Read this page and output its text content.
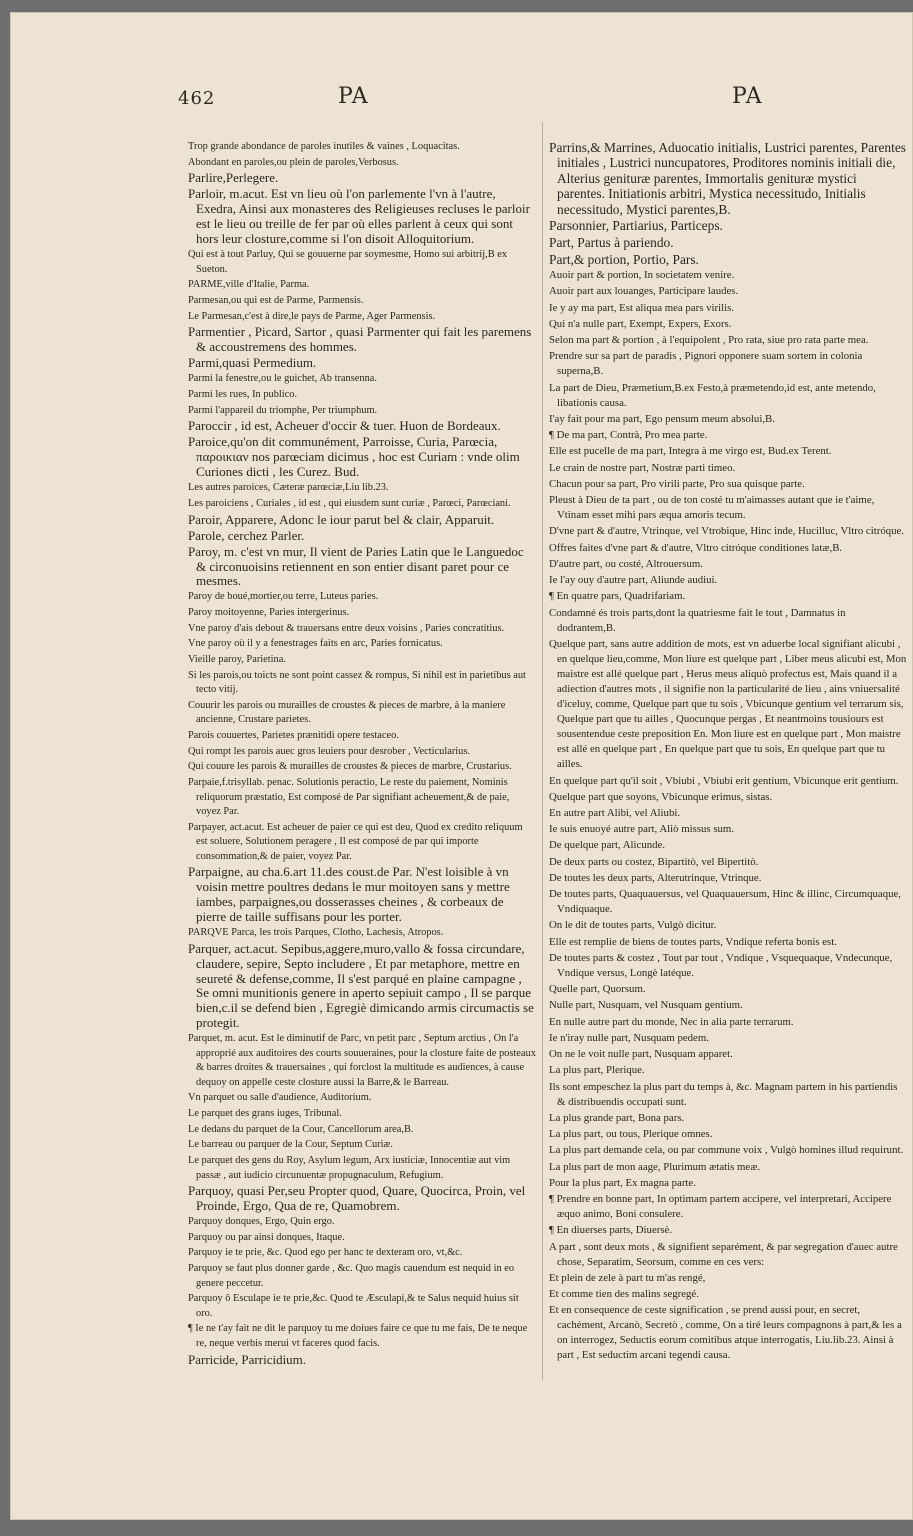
462	PA	PA

Trop grande abondance de paroles inutiles & vaines , Loquacitas.

Abondant en paroles,ou plein de paroles,Verbosus.

Parlire,Perlegere.

Parloir, m.acut. Est vn lieu où l'on parlemente l'vn à l'autre, Exedra, Ainsi aux monasteres des Religieuses recluses le parloir est le lieu ou treille de fer par où elles parlent à ceux qui sont hors leur closture,comme si l'on disoit Alloquitorium.

Qui est à tout Parluy, Qui se gouuerne par soymesme, Homo sui arbitrij,B ex Sueton.

PARME,ville d'Italie, Parma.

Parmesan,ou qui est de Parme, Parmensis.

Le Parmesan,c'est à dire,le pays de Parme, Ager Parmensis.

Parmentier , Picard, Sartor , quasi Parmenter qui fait les paremens & accoustremens des hommes.

Parmi,quasi Permedium.

Parmi la fenestre,ou le guichet, Ab transenna.

Parmi les rues, In publico.

Parmi l'appareil du triomphe, Per triumphum.

Paroccir , id est, Acheuer d'occir & tuer. Huon de Bordeaux.

Paroice,qu'on dit communément, Parroisse, Curia, Parœcia, παροικιαν nos parœciam dicimus , hoc est Curiam : vnde olim Curiones dicti , les Curez. Bud.

Les autres paroices, Cæteræ parœciæ,Liu lib.23.

Les paroiciens , Curiales , id est , qui eiusdem sunt curiæ , Parœci, Parœciani.

Paroir, Apparere, Adonc le iour parut bel & clair, Apparuit.

Parole, cerchez Parler.

Paroy, m. c'est vn mur, Il vient de Paries Latin que le Languedoc & circonuoisins retiennent en son entier disant paret pour ce mesmes.

Paroy de boué,mortier,ou terre, Luteus paries.

Paroy moitoyenne, Paries intergerinus.

Vne paroy d'ais debout & trauersans entre deux voisins , Paries concratitius.

Vne paroy où il y a fenestrages faits en arc, Paries fornicatus.

Vieille paroy, Parietina.

Si les parois,ou toicts ne sont point cassez & rompus, Si nihil est in parietibus aut tecto vitij.

Couurir les parois ou murailles de croustes & pieces de marbre, à la maniere ancienne, Crustare parietes.

Parois couuertes, Parietes prænitidi opere testaceo.

Qui rompt les parois auec gros leuiers pour desrober , Vecticularius.

Qui couure les parois & murailles de croustes & pieces de marbre, Crustarius.

Parpaie,f.trisyllab. penac. Solutionis peractio, Le reste du paiement, Nominis reliquorum præstatio, Est composé de Par signifiant acheuement,& de paie, voyez Par.

Parpayer, act.acut. Est acheuer de paier ce qui est deu, Quod ex credito reliquum est soluere, Solutionem peragere , Il est composé de par qui importe consommation,& de paier, voyez Par.

Parpaigne, au cha.6.art 11.des coust.de Par. N'est loisible à vn voisin mettre poultres dedans le mur moitoyen sans y mettre iambes, parpaignes,ou dosserasses cheines , & corbeaux de pierre de taille suffisans pour les porter.

PARQVE Parca, les trois Parques, Clotho, Lachesis, Atropos.

Parquer, act.acut. Sepibus,aggere,muro,vallo & fossa circundare, claudere, sepire, Septo includere , Et par metaphore, mettre en seureté & defense,comme, Il s'est parqué en plaine campagne , Se omni munitionis genere in aperto sepiuit campo , Il se parque bien,c.il se defend bien , Egregiè dimicando armis circumactis se protegit.

Parquet, m. acut. Est le diminutif de Parc, vn petit parc , Septum arctius , On l'a approprié aux auditoires des courts souueraines, pour la closture faite de posteaux & barres droites & trauersaines , qui forclost la multitude es audiences, à cause dequoy on appelle ceste closture aussi la Barre,& le Barreau.

Vn parquet ou salle d'audience, Auditorium.

Le parquet des grans iuges, Tribunal.

Le dedans du parquet de la Cour, Cancellorum area,B.

Le barreau ou parquer de la Cour, Septum Curiæ.

Le parquet des gens du Roy, Asylum legum, Arx iusticiæ, Innocentiæ aut vim passæ , aut iudicio circunuentæ propugnaculum, Refugium.

Parquoy, quasi Per,seu Propter quod, Quare, Quocirca, Proin, vel Proinde, Ergo, Qua de re, Quamobrem.

Parquoy donques, Ergo, Quin ergo.

Parquoy ou par ainsi donques, Itaque.

Parquoy ie te prie, &c. Quod ego per hanc te dexteram oro, vt,&c.

Parquoy se faut plus donner garde , &c. Quo magis cauendum est nequid in eo genere peccetur.

Parquoy ô Esculape ie te prie,&c. Quod te Æsculapi,& te Salus nequid huius sit oro.

¶ Ie ne t'ay fait ne dit le parquoy tu me doiues faire ce que tu me fais, De te neque re, neque verbis merui vt faceres quod facis.

Parricide, Parricidium.

Parrins,& Marrines, Aduocatio initialis, Lustrici parentes, Parentes initiales , Lustrici nuncupatores, Proditores nominis initiali die, Alterius genituræ parentes, Immortalis genituræ mystici parentes. Initiationis arbitri, Mystica necessitudo, Initialis necessitudo, Mystici parentes,B.

Parsonnier, Partiarius, Particeps.

Part, Partus à pariendo.

Part,& portion, Portio, Pars.

Auoir part & portion, In societatem venire.

Auoir part aux louanges, Participare laudes.

Ie y ay ma part, Est aliqua mea pars virilis.

Qui n'a nulle part, Exempt, Expers, Exors.

Selon ma part & portion , à l'equipolent , Pro rata, siue pro rata parte mea.

Prendre sur sa part de paradis , Pignori opponere suam sortem in colonia superna,B.

La part de Dieu, Præmetium,B.ex Festo,à præmetendo,id est, ante metendo, libationis causa.

I'ay fait pour ma part, Ego pensum meum absolui,B.

¶ De ma part, Contrà, Pro mea parte.

Elle est pucelle de ma part, Integra à me virgo est, Bud.ex Terent.

Le crain de nostre part, Nostræ parti timeo.

Chacun pour sa part, Pro virili parte, Pro sua quisque parte.

Pleust à Dieu de ta part , ou de ton costé tu m'aimasses autant que ie t'aime, Vtinam esset mihi pars æqua amoris tecum.

D'vne part & d'autre, Vtrinque, vel Vtrobique, Hinc inde, Hucilluc, Vltro citróque.

Offres faites d'vne part & d'autre, Vltro citróque conditiones latæ,B.

D'autre part, ou costé, Altrouersum.

Ie l'ay ouy d'autre part, Aliunde audiui.

¶ En quatre pars, Quadrifariam.

Condamné és trois parts,dont la quatriesme fait le tout , Damnatus in dodrantem,B.

Quelque part, sans autre addition de mots, est vn aduerbe local signifiant alicubi , en quelque lieu,comme, Mon liure est quelque part , Liber meus alicubi est, Mon maistre est allé quelque part , Herus meus aliquò profectus est, Mais quand il a adiection d'autres mots , il signifie non la particularité de lieu , ains vniuersalité d'iceluy, comme, Quelque part que tu sois , Vbicunque gentium vel terrarum sis, Quelque part que tu ailles , Quocunque pergas , Et neantmoins tousiours est sousentendue ceste preposition En. Mon liure est en quelque part , Mon maistre est allé en quelque part , En quelque part que tu sois, En quelque part que tu ailles.

En quelque part qu'il soit , Vbiubi , Vbiubi erit gentium, Vbicunque erit gentium.

Quelque part que soyons, Vbicunque erimus, sistas.

En autre part Alibi, vel Aliubi.

Ie suis enuoyé autre part, Aliò missus sum.

De quelque part, Alicunde.

De deux parts ou costez, Bipartitò, vel Bipertitò.

De toutes les deux parts, Alterutrinque, Vtrinque.

De toutes parts, Quaquauersus, vel Quaquauersum, Hinc & illinc, Circumquaque, Vndiquaque.

On le dit de toutes parts, Vulgò dicitur.

Elle est remplie de biens de toutes parts, Vndique referta bonis est.

De toutes parts & costez , Tout par tout , Vndique , Vsquequaque, Vndecunque, Vndique versus, Longè latéque.

Quelle part, Quorsum.

Nulle part, Nusquam, vel Nusquam gentium.

En nulle autre part du monde, Nec in alia parte terrarum.

Ie n'iray nulle part, Nusquam pedem.

On ne le voit nulle part, Nusquam apparet.

La plus part, Plerique.

Ils sont empeschez la plus part du temps à, &c. Magnam partem in his partiendis & distribuendis occupati sunt.

La plus grande part, Bona pars.

La plus part, ou tous, Plerique omnes.

La plus part demande cela, ou par commune voix , Vulgò homines illud requirunt.

La plus part de mon aage, Plurimum ætatis meæ.

Pour la plus part, Ex magna parte.

¶ Prendre en bonne part, In optimam partem accipere, vel interpretari, Accipere æquo animo, Boni consulere.

¶ En diuerses parts, Diuersè.

A part , sont deux mots , & signifient separément, & par segregation d'auec autre chose, Separatim, Seorsum, comme en ces vers:

Et plein de zele à part tu m'as rengé,

Et comme tien des malins segregé.

Et en consequence de ceste signification , se prend aussi pour, en secret, cachément, Arcanò, Secretò , comme, On a tiré leurs compagnons à part,& les a on interrogez, Seductis eorum comitibus atque interrogatis, Liu.lib.23. Ainsi à part , Est seductim arcani tegendi causa.
